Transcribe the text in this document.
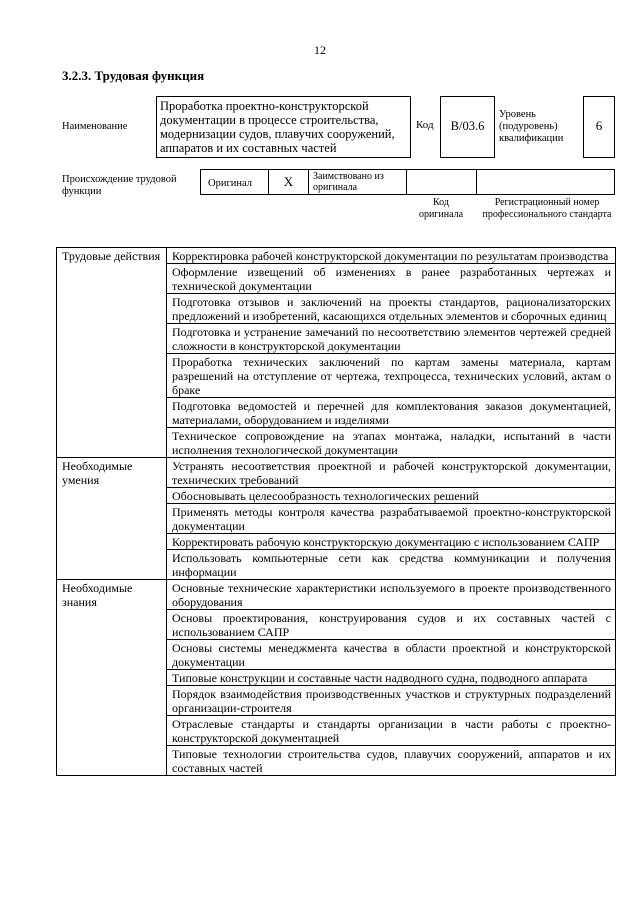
12
3.2.3. Трудовая функция
Наименование
Проработка проектно-конструкторской документации в процессе строительства, модернизации судов, плавучих сооружений, аппаратов и их составных частей
Код	В/03.6
Уровень (подуровень) квалификации
6
Происхождение трудовой функции
Оригинал	Х	Заимствовано из оригинала
Код оригинала
Регистрационный номер профессионального стандарта
Трудовые действия	Корректировка рабочей конструкторской документации по результатам производства
	Оформление извещений об изменениях в ранее разработанных чертежах и технической документации
	Подготовка отзывов и заключений на проекты стандартов, рационализаторских предложений и изобретений, касающихся отдельных элементов и сборочных единиц
	Подготовка и устранение замечаний по несоответствию элементов чертежей средней сложности в конструкторской документации
	Проработка технических заключений по картам замены материала, картам разрешений на отступление от чертежа, техпроцесса, технических условий, актам о браке
	Подготовка ведомостей и перечней для комплектования заказов документацией, материалами, оборудованием и изделиями
	Техническое сопровождение на этапах монтажа, наладки, испытаний в части исполнения технологической документации
Необходимые умения	Устранять несоответствия проектной и рабочей конструкторской документации, технических требований
	Обосновывать целесообразность технологических решений
	Применять методы контроля качества разрабатываемой проектно-конструкторской документации
	Корректировать рабочую конструкторскую документацию с использованием САПР
	Использовать компьютерные сети как средства коммуникации и получения информации
Необходимые знания	Основные технические характеристики используемого в проекте производственного оборудования
	Основы проектирования, конструирования судов и их составных частей с использованием САПР
	Основы системы менеджмента качества в области проектной и конструкторской документации
	Типовые конструкции и составные части надводного судна, подводного аппарата
	Порядок взаимодействия производственных участков и структурных подразделений организации-строителя
	Отраслевые стандарты и стандарты организации в части работы с проектно-конструкторской документацией
	Типовые технологии строительства судов, плавучих сооружений, аппаратов и их составных частей
